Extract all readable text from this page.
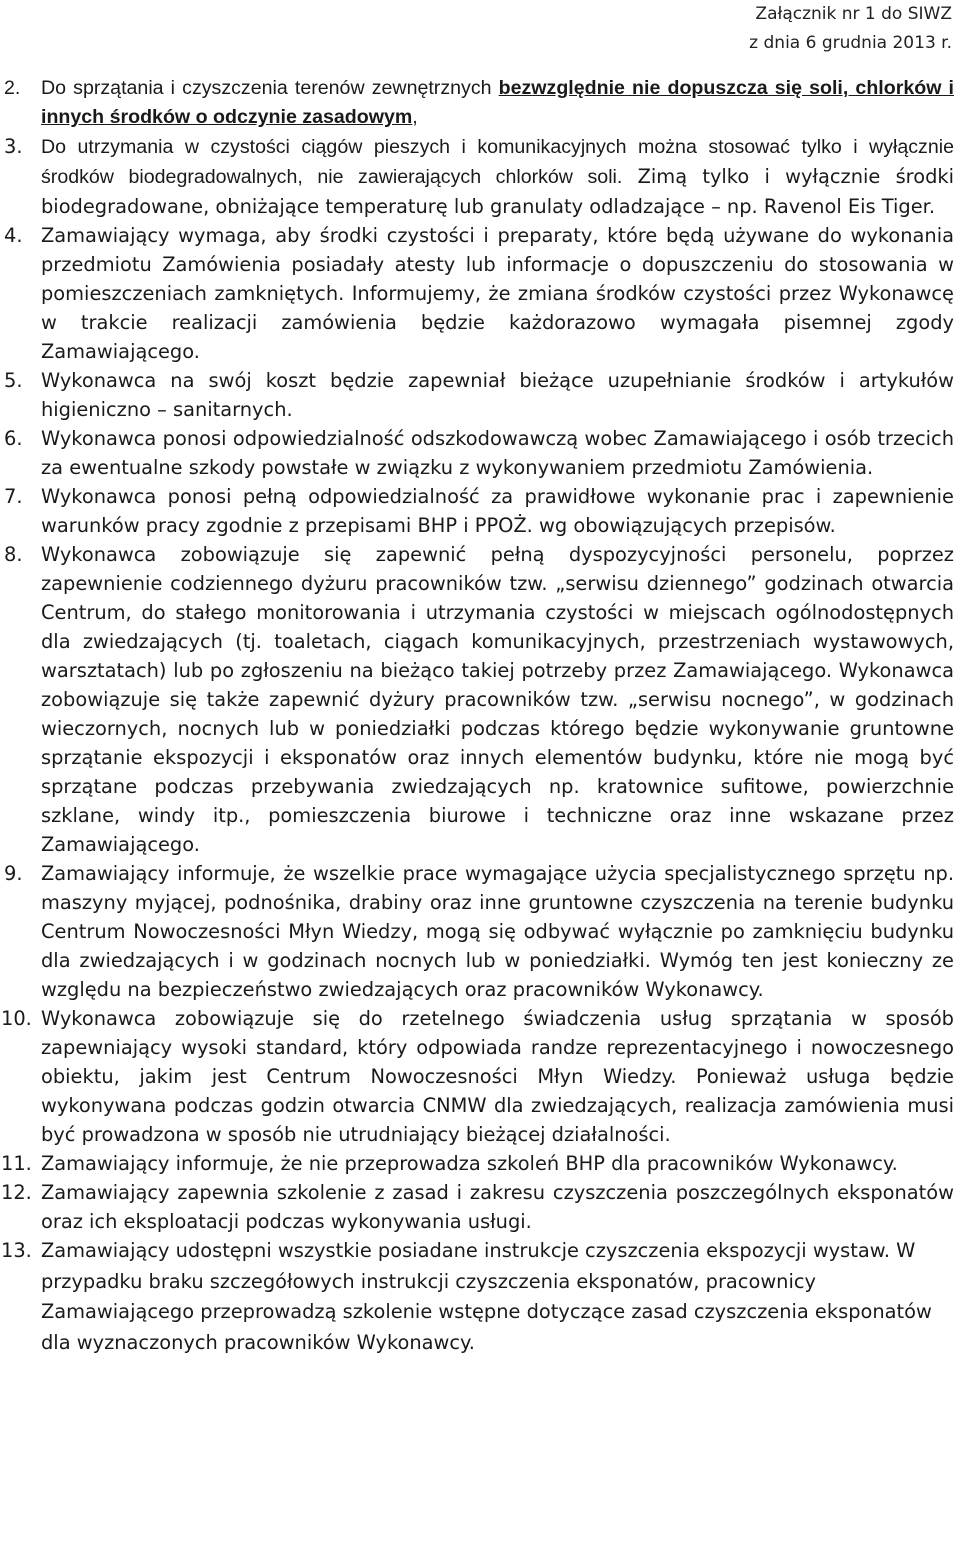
Załącznik nr 1 do SIWZ
z dnia 6 grudnia 2013 r.
2. Do sprzątania i czyszczenia terenów zewnętrznych bezwzględnie nie dopuszcza się soli, chlorków i innych środków o odczynie zasadowym,
3. Do utrzymania w czystości ciągów pieszych i komunikacyjnych można stosować tylko i wyłącznie środków biodegradowalnych, nie zawierających chlorków soli. Zimą tylko i wyłącznie środki biodegradowane, obniżające temperaturę lub granulaty odladzające – np. Ravenol Eis Tiger.
4. Zamawiający wymaga, aby środki czystości i preparaty, które będą używane do wykonania przedmiotu Zamówienia posiadały atesty lub informacje o dopuszczeniu do stosowania w pomieszczeniach zamkniętych. Informujemy, że zmiana środków czystości przez Wykonawcę w trakcie realizacji zamówienia będzie każdorazowo wymagała pisemnej zgody Zamawiającego.
5. Wykonawca na swój koszt będzie zapewniał bieżące uzupełnianie środków i artykułów higieniczno – sanitarnych.
6. Wykonawca ponosi odpowiedzialność odszkodowawczą wobec Zamawiającego i osób trzecich za ewentualne szkody powstałe w związku z wykonywaniem przedmiotu Zamówienia.
7. Wykonawca ponosi pełną odpowiedzialność za prawidłowe wykonanie prac i zapewnienie warunków pracy zgodnie z przepisami BHP i PPOŻ. wg obowiązujących przepisów.
8. Wykonawca zobowiązuje się zapewnić pełną dyspozycyjności personelu, poprzez zapewnienie codziennego dyżuru pracowników tzw. „serwisu dziennego” godzinach otwarcia Centrum, do stałego monitorowania i utrzymania czystości w miejscach ogólnodostępnych dla zwiedzających (tj. toaletach, ciągach komunikacyjnych, przestrzeniach wystawowych, warsztatach) lub po zgłoszeniu na bieżąco takiej potrzeby przez Zamawiającego. Wykonawca zobowiązuje się także zapewnić dyżury pracowników tzw. „serwisu nocnego”, w godzinach wieczornych, nocnych lub w poniedziałki podczas którego będzie wykonywanie gruntowne sprzątanie ekspozycji i eksponatów oraz innych elementów budynku, które nie mogą być sprzątane podczas przebywania zwiedzających np. kratownice sufitowe, powierzchnie szklane, windy itp., pomieszczenia biurowe i techniczne oraz inne wskazane przez Zamawiającego.
9. Zamawiający informuje, że wszelkie prace wymagające użycia specjalistycznego sprzętu np. maszyny myjącej, podnośnika, drabiny oraz inne gruntowne czyszczenia na terenie budynku Centrum Nowoczesności Młyn Wiedzy, mogą się odbywać wyłącznie po zamknięciu budynku dla zwiedzających i w godzinach nocnych lub w poniedziałki. Wymóg ten jest konieczny ze względu na bezpieczeństwo zwiedzających oraz pracowników Wykonawcy.
10. Wykonawca zobowiązuje się do rzetelnego świadczenia usług sprzątania w sposób zapewniający wysoki standard, który odpowiada randze reprezentacyjnego i nowoczesnego obiektu, jakim jest Centrum Nowoczesności Młyn Wiedzy. Ponieważ usługa będzie wykonywana podczas godzin otwarcia CNMW dla zwiedzających, realizacja zamówienia musi być prowadzona w sposób nie utrudniający bieżącej działalności.
11. Zamawiający informuje, że nie przeprowadza szkoleń BHP dla pracowników Wykonawcy.
12. Zamawiający zapewnia szkolenie z zasad i zakresu czyszczenia poszczególnych eksponatów oraz ich eksploatacji podczas wykonywania usługi.
13. Zamawiający udostępni wszystkie posiadane instrukcje czyszczenia ekspozycji wystaw. W przypadku braku szczegółowych instrukcji czyszczenia eksponatów, pracownicy Zamawiającego przeprowadzą szkolenie wstępne dotyczące zasad czyszczenia eksponatów dla wyznaczonych pracowników Wykonawcy.
